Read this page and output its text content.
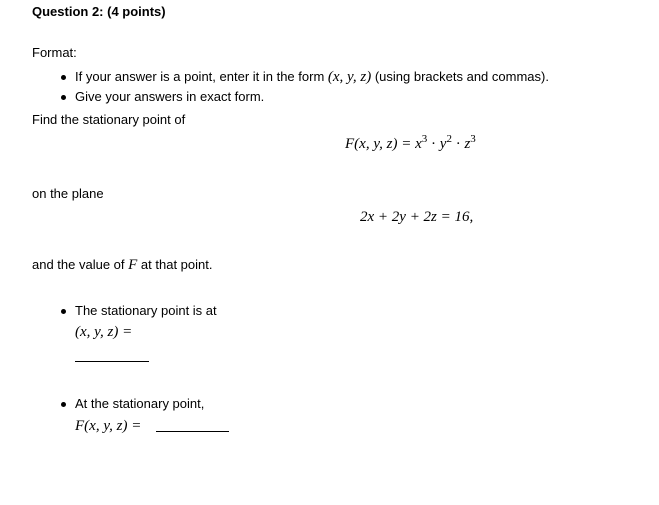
Question 2: (4 points)
Format:
If your answer is a point, enter it in the form (x, y, z) (using brackets and commas).
Give your answers in exact form.
Find the stationary point of
F(x, y, $z) = x^3 \cdot y^2 \cdot z^3$
on the plane
2x + 2y + 2z = 16,
and the value of F at that point.
The stationary point is at
(x, y, z) =
At the stationary point,
F(x, y, z) =
